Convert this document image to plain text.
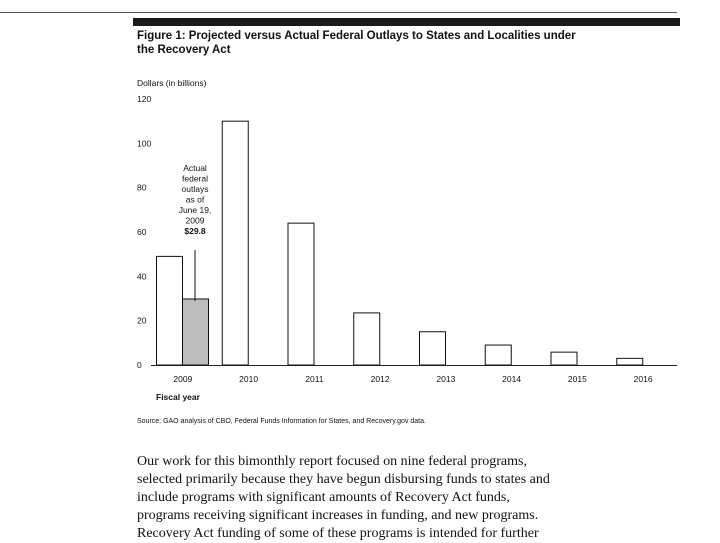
Figure 1: Projected versus Actual Federal Outlays to States and Localities under
the Recovery Act
Dollars (in billions)
0
20
40
60
80
100
120
2009	2010	2011	2012	2013	2014	2015	2016
Fiscal year
Actual
federal
outlays
as of
June 19,
2009
$29.8
Source: GAO analysis of CBO, Federal Funds Information for States, and Recovery.gov data.
Our work for this bimonthly report focused on nine federal programs,
selected primarily because they have begun disbursing funds to states and
include programs with significant amounts of Recovery Act funds,
programs receiving significant increases in funding, and new programs.
Recovery Act funding of some of these programs is intended for further
